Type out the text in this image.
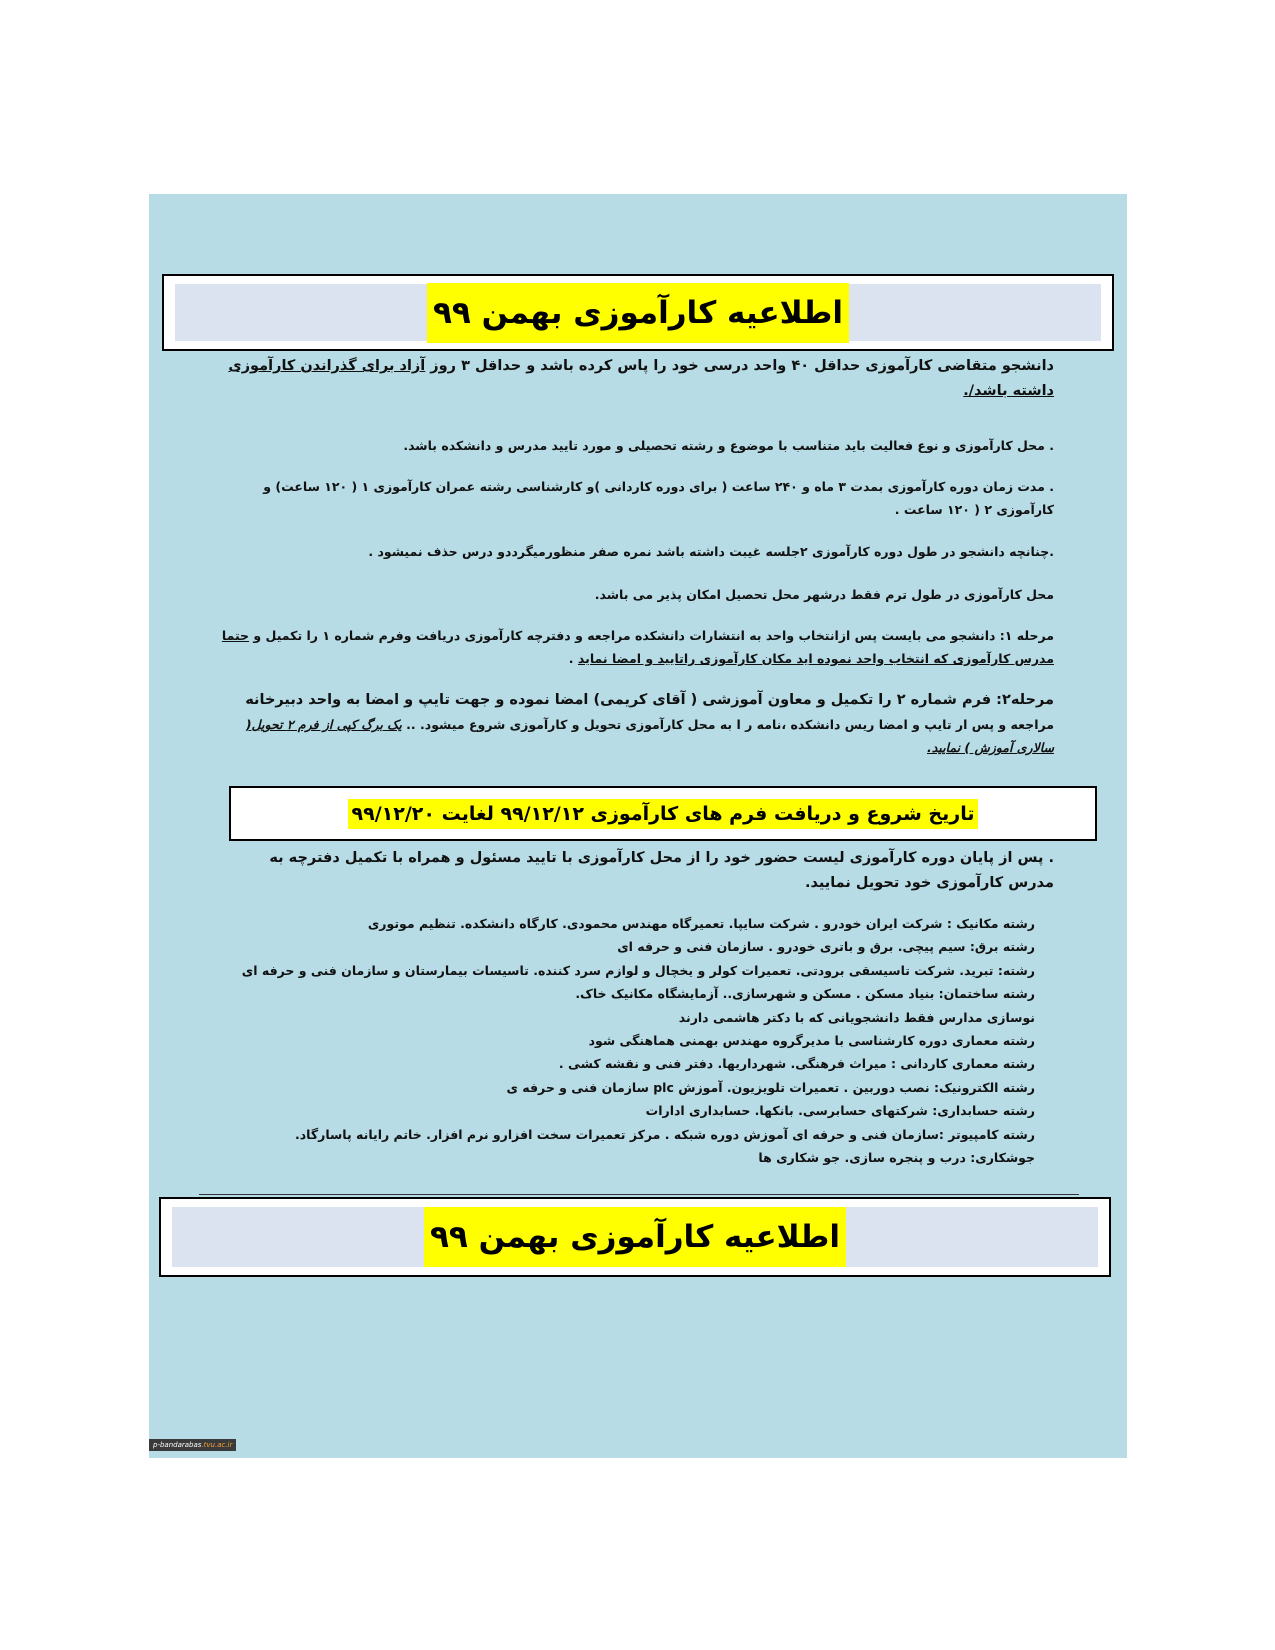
اطلاعیه کارآموزی بهمن ۹۹
دانشجو متقاضی کارآموزی حداقل ۴۰ واحد درسی خود را پاس کرده باشد و حداقل ۳ روز آزاد برای گذراندن کارآموزی داشته باشد/.
. محل کارآموزی و نوع فعالیت باید متناسب با موضوع و رشته تحصیلی و مورد تایید مدرس و دانشکده باشد.
. مدت زمان دوره کارآموزی بمدت ۳ ماه و ۲۴۰ ساعت ( برای دوره کاردانی )و کارشناسی رشته عمران کارآموزی ۱ ( ۱۲۰ ساعت) و کارآموزی ۲ ( ۱۲۰ ساعت .
.چنانچه دانشجو در طول دوره کارآموزی ۲جلسه غیبت داشته باشد نمره صفر منظورمیگرددو درس حذف نمیشود .
محل کارآموزی در طول ترم فقط درشهر محل تحصیل امکان پذیر می باشد.
مرحله ۱: دانشجو می بایست پس ازانتخاب واحد به انتشارات دانشکده مراجعه و دفترچه کارآموزی دریافت وفرم شماره ۱ را تکمیل و حتما مدرس کارآموزی که انتخاب واحد نموده اید مکان کارآموزی راتایید و امضا نماید .
مرحله۲: فرم شماره ۲ را تکمیل و معاون آموزشی ( آقای کریمی) امضا نموده و جهت تایپ و امضا به واحد دبیرخانه
مراجعه و پس ار تایپ و امضا ریس دانشکده ،نامه ر ا به محل کارآموزی تحویل و کارآموزی شروع میشود. .. یک برگ کپی از فرم ۲ تحویل( سالاری آموزش ) نمایید.
تاریخ شروع و دریافت فرم های کارآموزی ۹۹/۱۲/۱۲ لغایت ۹۹/۱۲/۲۰
. پس از پایان دوره کارآموزی لیست حضور خود را از محل کارآموزی با تایید مسئول و همراه با تکمیل دفترچه به مدرس کارآموزی خود تحویل نمایید.
رشته مکانیک : شرکت ایران خودرو . شرکت سایپا. تعمیرگاه مهندس محمودی. کارگاه دانشکده. تنظیم موتوری
رشته برق: سیم پیچی. برق و باتری خودرو . سازمان فنی و حرفه ای
رشته: تبرید. شرکت تاسیسقی برودتی. تعمیرات کولر و یخچال و لوازم سرد کننده. تاسیسات بیمارستان و سازمان فنی و حرفه ای
رشته ساختمان: بنیاد مسکن . مسکن و شهرسازی.. آزمایشگاه مکانیک خاک.
نوسازی مدارس فقط دانشجویانی که با دکتر هاشمی دارند
رشته معماری دوره کارشناسی با مدیرگروه مهندس بهمنی هماهنگی شود
رشته معماری کاردانی : میراث فرهنگی. شهرداریها. دفتر فنی و نقشه کشی .
رشته الکترونیک: نصب دوربین . تعمیرات تلویزیون. آموزش plc سازمان فنی و حرفه ی
رشته حسابداری: شرکتهای حسابرسی. بانکها. حسابداری ادارات
رشته کامپیوتر :سازمان فنی و حرفه ای آموزش دوره شبکه . مرکز تعمیرات سخت افزارو نرم افزار. خاتم رایانه پاسارگاد.
جوشکاری: درب و پنجره سازی. جو شکاری ها
اطلاعیه کارآموزی بهمن ۹۹
p-bandarabas.tvu.ac.ir
